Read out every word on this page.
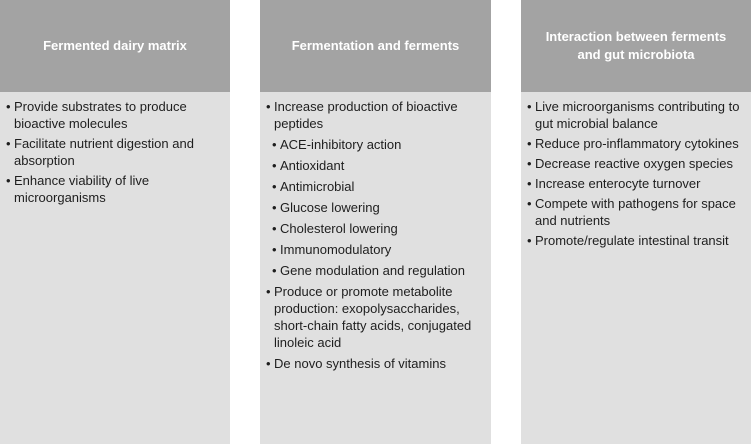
Fermented dairy matrix
• Provide substrates to produce bioactive molecules
• Facilitate nutrient digestion and absorption
• Enhance viability of live microorganisms
Fermentation and ferments
• Increase production of bioactive peptides
• ACE-inhibitory action
• Antioxidant
• Antimicrobial
• Glucose lowering
• Cholesterol lowering
• Immunomodulatory
• Gene modulation and regulation
• Produce or promote metabolite production: exopolysaccharides, short-chain fatty acids, conjugated linoleic acid
• De novo synthesis of vitamins
Interaction between ferments and gut microbiota
• Live microorganisms contributing to gut microbial balance
• Reduce pro-inflammatory cytokines
• Decrease reactive oxygen species
• Increase enterocyte turnover
• Compete with pathogens for space and nutrients
• Promote/regulate intestinal transit
